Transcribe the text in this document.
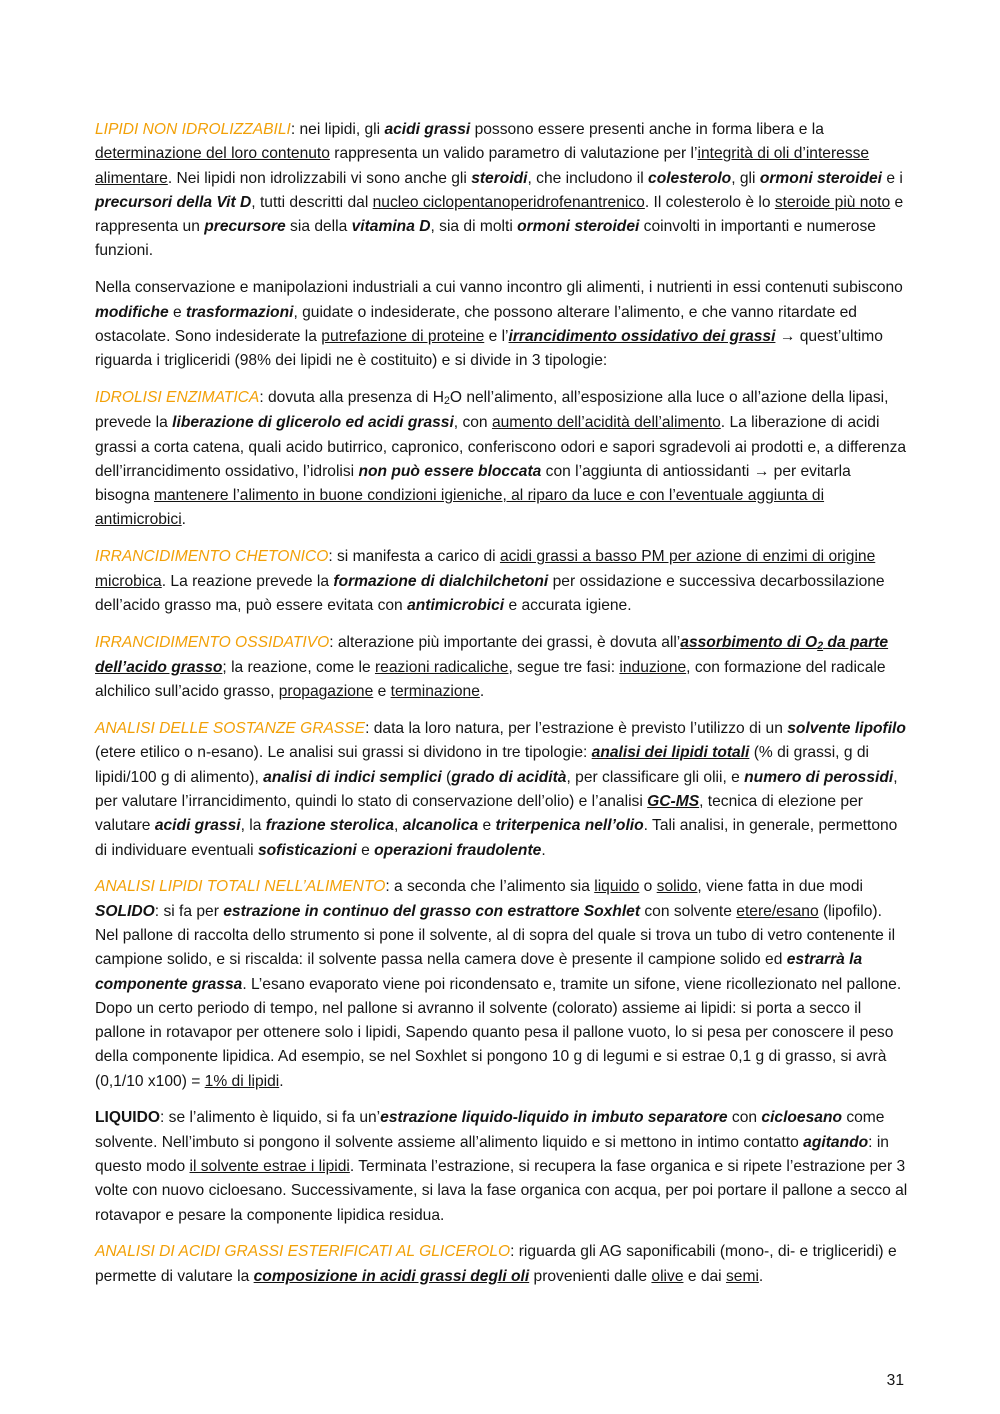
LIPIDI NON IDROLIZZABILI: nei lipidi, gli acidi grassi possono essere presenti anche in forma libera e la determinazione del loro contenuto rappresenta un valido parametro di valutazione per l’integrità di oli d’interesse alimentare. Nei lipidi non idrolizzabili vi sono anche gli steroidi, che includono il colesterolo, gli ormoni steroidei e i precursori della Vit D, tutti descritti dal nucleo ciclopentanoperidrofenantrenico. Il colesterolo è lo steroide più noto e rappresenta un precursore sia della vitamina D, sia di molti ormoni steroidei coinvolti in importanti e numerose funzioni.

Nella conservazione e manipolazioni industriali a cui vanno incontro gli alimenti, i nutrienti in essi contenuti subiscono modifiche e trasformazioni, guidate o indesiderate, che possono alterare l’alimento, e che vanno ritardate ed ostacolate. Sono indesiderate la putrefazione di proteine e l’irrancidimento ossidativo dei grassi → quest’ultimo riguarda i trigliceridi (98% dei lipidi ne è costituito) e si divide in 3 tipologie:

IDROLISI ENZIMATICA: dovuta alla presenza di $H_2O$ nell’alimento, all’esposizione alla luce o all’azione della lipasi, prevede la liberazione di glicerolo ed acidi grassi, con aumento dell’acidità dell’alimento. La liberazione di acidi grassi a corta catena, quali acido butirrico, capronico, conferiscono odori e sapori sgradevoli ai prodotti e, a differenza dell’irrancidimento ossidativo, l’idrolisi non può essere bloccata con l’aggiunta di antiossidanti → per evitarla bisogna mantenere l’alimento in buone condizioni igieniche, al riparo da luce e con l’eventuale aggiunta di antimicrobici.

IRRANCIDIMENTO CHETONICO: si manifesta a carico di acidi grassi a basso PM per azione di enzimi di origine microbica. La reazione prevede la formazione di dialchilchetoni per ossidazione e successiva decarbossilazione dell’acido grasso ma, può essere evitata con antimicrobici e accurata igiene.

IRRANCIDIMENTO OSSIDATIVO: alterazione più importante dei grassi, è dovuta all’assorbimento di $O_2$ da parte dell’acido grasso; la reazione, come le reazioni radicaliche, segue tre fasi: induzione, con formazione del radicale alchilico sull’acido grasso, propagazione e terminazione.

ANALISI DELLE SOSTANZE GRASSE: data la loro natura, per l’estrazione è previsto l’utilizzo di un solvente lipofilo (etere etilico o n-esano). Le analisi sui grassi si dividono in tre tipologie: analisi dei lipidi totali (% di grassi, g di lipidi/100 g di alimento), analisi di indici semplici (grado di acidità, per classificare gli olii, e numero di perossidi, per valutare l’irrancidimento, quindi lo stato di conservazione dell’olio) e l’analisi GC-MS, tecnica di elezione per valutare acidi grassi, la frazione sterolica, alcanolica e triterpenica nell’olio. Tali analisi, in generale, permettono di individuare eventuali sofisticazioni e operazioni fraudolente.

ANALISI LIPIDI TOTALI NELL’ALIMENTO: a seconda che l’alimento sia liquido o solido, viene fatta in due modi SOLIDO: si fa per estrazione in continuo del grasso con estrattore Soxhlet con solvente etere/esano (lipofilo). Nel pallone di raccolta dello strumento si pone il solvente, al di sopra del quale si trova un tubo di vetro contenente il campione solido, e si riscalda: il solvente passa nella camera dove è presente il campione solido ed estrarrà la componente grassa. L’esano evaporato viene poi ricondensato e, tramite un sifone, viene ricollezionato nel pallone. Dopo un certo periodo di tempo, nel pallone si avranno il solvente (colorato) assieme ai lipidi: si porta a secco il pallone in rotavapor per ottenere solo i lipidi, Sapendo quanto pesa il pallone vuoto, lo si pesa per conoscere il peso della componente lipidica. Ad esempio, se nel Soxhlet si pongono 10 g di legumi e si estrae 0,1 g di grasso, si avrà (0,1/10 x100) = 1% di lipidi.

LIQUIDO: se l’alimento è liquido, si fa un’estrazione liquido-liquido in imbuto separatore con cicloesano come solvente. Nell’imbuto si pongono il solvente assieme all’alimento liquido e si mettono in intimo contatto agitando: in questo modo il solvente estrae i lipidi. Terminata l’estrazione, si recupera la fase organica e si ripete l’estrazione per 3 volte con nuovo cicloesano. Successivamente, si lava la fase organica con acqua, per poi portare il pallone a secco al rotavapor e pesare la componente lipidica residua.

ANALISI DI ACIDI GRASSI ESTERIFICATI AL GLICEROLO: riguarda gli AG saponificabili (mono-, di- e trigliceridi) e permette di valutare la composizione in acidi grassi degli oli provenienti dalle olive e dai semi.

31
